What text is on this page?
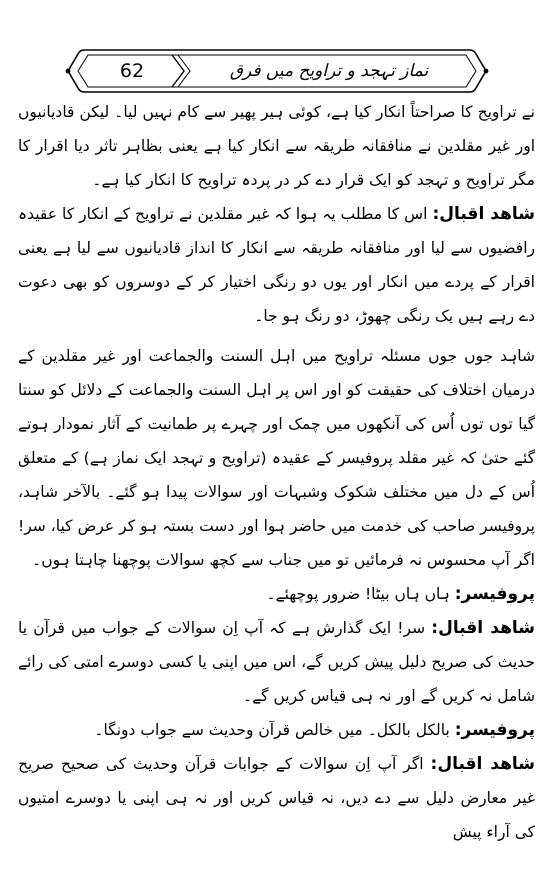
62	نماز تہجد و تراویح میں فرق

نے تراویح کا صراحتاً انکار کیا ہے، کوئی ہیر پھیر سے کام نہیں لیا۔ لیکن قادیانیوں اور غیر مقلدین نے منافقانہ طریقہ سے انکار کیا ہے یعنی بظاہر تاثر دیا اقرار کا مگر تراویح و تہجد کو ایک قرار دے کر در پردہ تراویح کا انکار کیا ہے۔

شاهد اقبال: اس کا مطلب یہ ہوا کہ غیر مقلدین نے تراویح کے انکار کا عقیدہ رافضیوں سے لیا اور منافقانہ طریقہ سے انکار کا انداز قادیانیوں سے لیا ہے یعنی اقرار کے پردے میں انکار اور یوں دو رنگی اختیار کر کے دوسروں کو بھی دعوت دے رہے ہیں یک رنگی چھوڑ، دو رنگ ہو جا۔

شاہد جوں جوں مسئلہ تراویح میں اہل السنت والجماعت اور غیر مقلدین کے درمیان اختلاف کی حقیقت کو اور اس پر اہل السنت والجماعت کے دلائل کو سنتا گیا توں توں اُس کی آنکھوں میں چمک اور چہرے پر طمانیت کے آثار نمودار ہوتے گئے حتیٰ کہ غیر مقلد پروفیسر کے عقیدہ (تراویح و تہجد ایک نماز ہے) کے متعلق اُس کے دل میں مختلف شکوک وشبہات اور سوالات پیدا ہو گئے۔ بالآخر شاہد، پروفیسر صاحب کی خدمت میں حاضر ہوا اور دست بستہ ہو کر عرض کیا، سر! اگر آپ محسوس نہ فرمائیں تو میں جناب سے کچھ سوالات پوچھنا چاہتا ہوں۔

پروفیسر: ہاں ہاں بیٹا! ضرور پوچھئے۔

شاهد اقبال: سر! ایک گذارش ہے کہ آپ اِن سوالات کے جواب میں قرآن یا حدیث کی صریح دلیل پیش کریں گے، اس میں اپنی یا کسی دوسرے امتی کی رائے شامل نہ کریں گے اور نہ ہی قیاس کریں گے۔

پروفیسر: بالکل بالکل۔ میں خالص قرآن وحدیث سے جواب دونگا۔

شاهد اقبال: اگر آپ اِن سوالات کے جوابات قرآن وحدیث کی صحیح صریح غیر معارض دلیل سے دے دیں، نہ قیاس کریں اور نہ ہی اپنی یا دوسرے امتیوں کی آراء پیش
